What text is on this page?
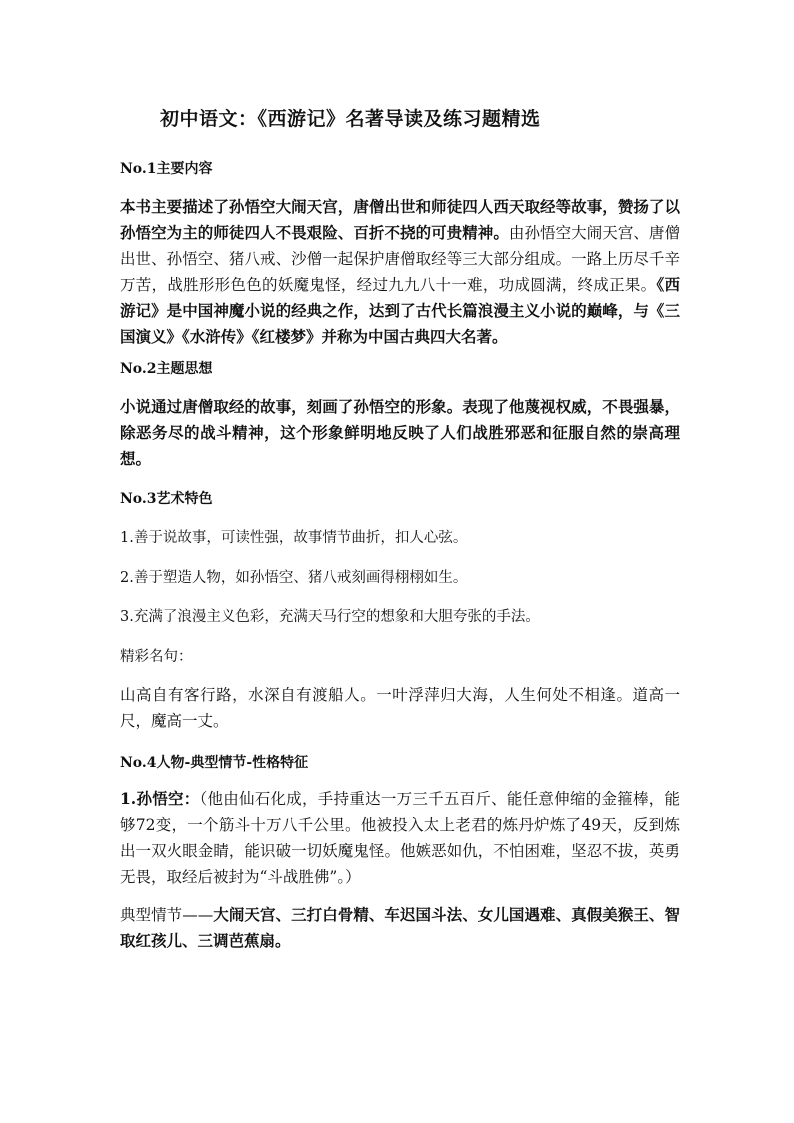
初中语文：《西游记》名著导读及练习题精选
No.1主要内容
本书主要描述了孙悟空大闹天宫，唐僧出世和师徒四人西天取经等故事，赞扬了以孙悟空为主的师徒四人不畏艰险、百折不挠的可贵精神。由孙悟空大闹天宫、唐僧出世、孙悟空、猪八戒、沙僧一起保护唐僧取经等三大部分组成。一路上历尽千辛万苦，战胜形形色色的妖魔鬼怪，经过九九八十一难，功成圆满，终成正果。《西游记》是中国神魔小说的经典之作，达到了古代长篇浪漫主义小说的巅峰，与《三国演义》《水浒传》《红楼梦》并称为中国古典四大名著。
No.2主题思想
小说通过唐僧取经的故事，刻画了孙悟空的形象。表现了他蔑视权威，不畏强暴，除恶务尽的战斗精神，这个形象鲜明地反映了人们战胜邪恶和征服自然的崇高理想。
No.3艺术特色
1.善于说故事，可读性强，故事情节曲折，扣人心弦。
2.善于塑造人物，如孙悟空、猪八戒刻画得栩栩如生。
3.充满了浪漫主义色彩，充满天马行空的想象和大胆夸张的手法。
精彩名句：
山高自有客行路，水深自有渡船人。一叶浮萍归大海，人生何处不相逢。道高一尺，魔高一丈。
No.4人物-典型情节-性格特征
1.孙悟空：（他由仙石化成，手持重达一万三千五百斤、能任意伸缩的金箍棒，能够72变，一个筋斗十万八千公里。他被投入太上老君的炼丹炉炼了49天，反到炼出一双火眼金睛，能识破一切妖魔鬼怪。他嫉恶如仇，不怕困难，坚忍不拔，英勇无畏，取经后被封为“斗战胜佛”。）
典型情节——大闹天宫、三打白骨精、车迟国斗法、女儿国遇难、真假美猴王、智取红孩儿、三调芭蕉扇。
